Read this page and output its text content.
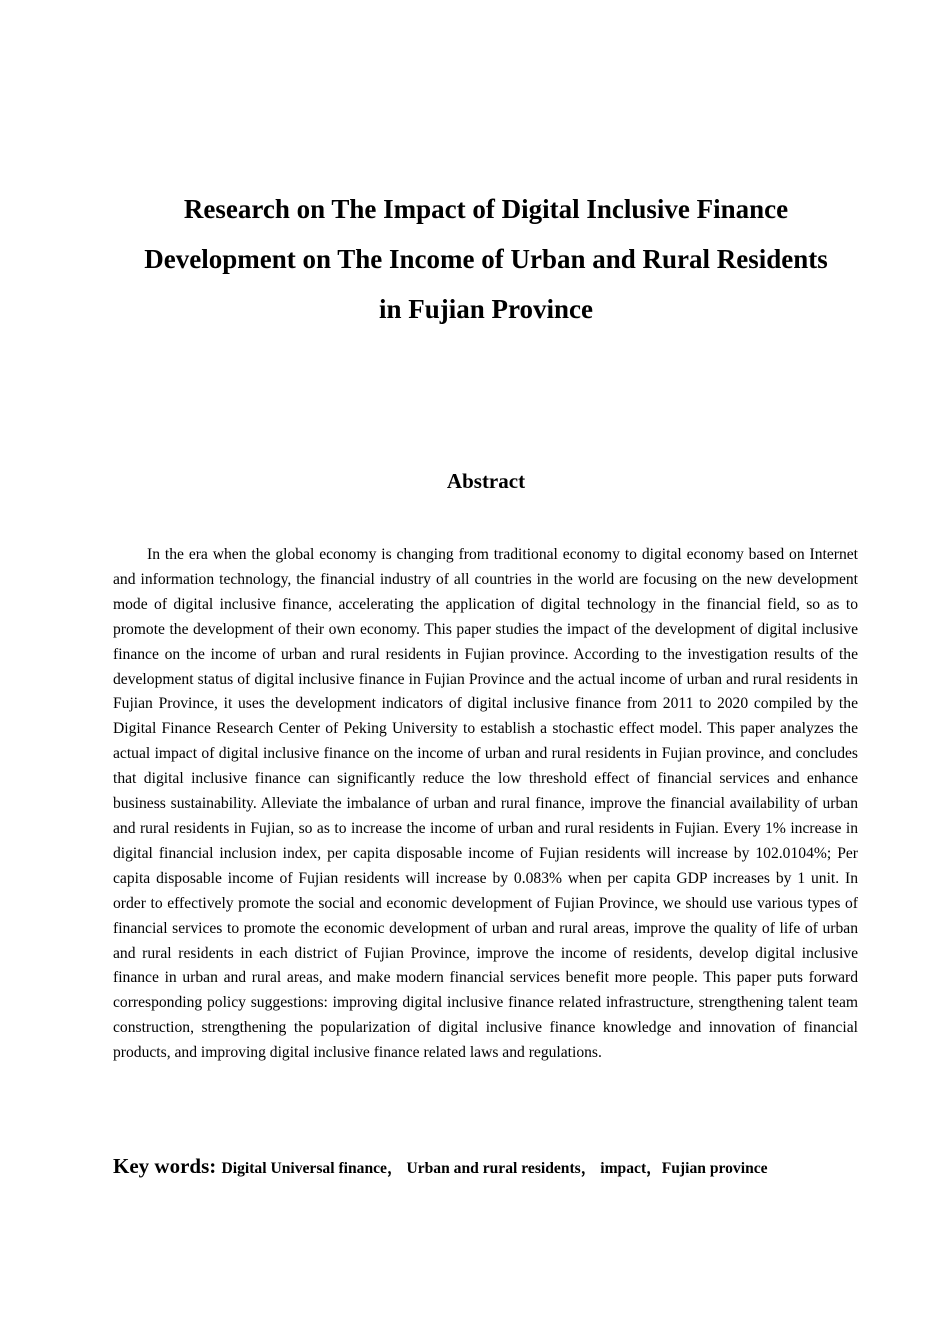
Research on The Impact of Digital Inclusive Finance
Development on The Income of Urban and Rural Residents
in Fujian Province
Abstract

In the era when the global economy is changing from traditional economy to digital economy based on Internet and information technology, the financial industry of all countries in the world are focusing on the new development mode of digital inclusive finance, accelerating the application of digital technology in the financial field, so as to promote the development of their own economy. This paper studies the impact of the development of digital inclusive finance on the income of urban and rural residents in Fujian province. According to the investigation results of the development status of digital inclusive finance in Fujian Province and the actual income of urban and rural residents in Fujian Province, it uses the development indicators of digital inclusive finance from 2011 to 2020 compiled by the Digital Finance Research Center of Peking University to establish a stochastic effect model. This paper analyzes the actual impact of digital inclusive finance on the income of urban and rural residents in Fujian province, and concludes that digital inclusive finance can significantly reduce the low threshold effect of financial services and enhance business sustainability. Alleviate the imbalance of urban and rural finance, improve the financial availability of urban and rural residents in Fujian, so as to increase the income of urban and rural residents in Fujian. Every 1% increase in digital financial inclusion index, per capita disposable income of Fujian residents will increase by 102.0104%; Per capita disposable income of Fujian residents will increase by 0.083% when per capita GDP increases by 1 unit. In order to effectively promote the social and economic development of Fujian Province, we should use various types of financial services to promote the economic development of urban and rural areas, improve the quality of life of urban and rural residents in each district of Fujian Province, improve the income of residents, develop digital inclusive finance in urban and rural areas, and make modern financial services benefit more people. This paper puts forward corresponding policy suggestions: improving digital inclusive finance related infrastructure, strengthening talent team construction, strengthening the popularization of digital inclusive finance knowledge and innovation of financial products, and improving digital inclusive finance related laws and regulations.

Key words: Digital Universal finance， Urban and rural residents， impact，Fujian province
